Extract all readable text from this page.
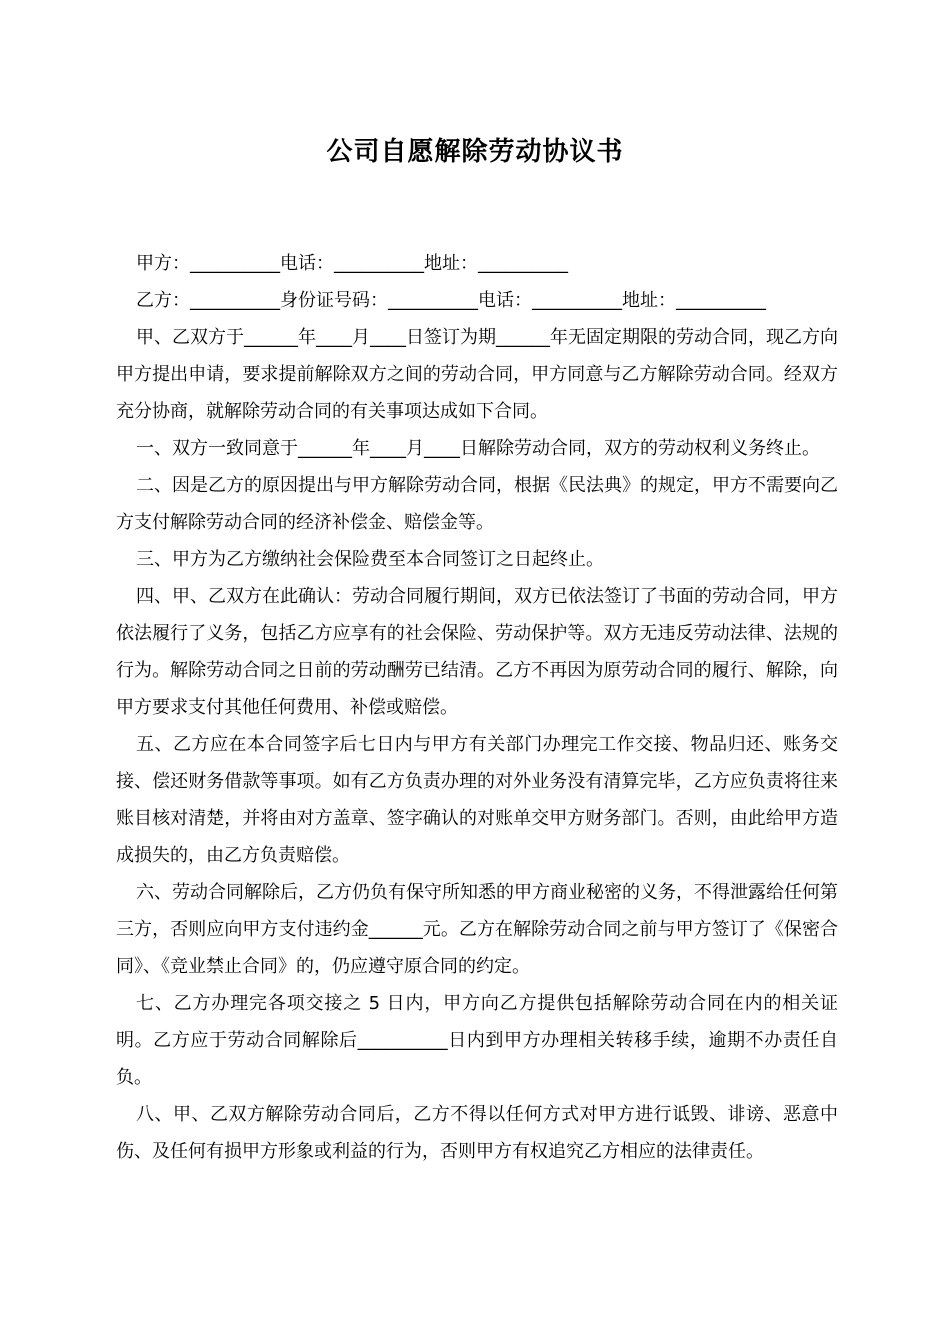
公司自愿解除劳动协议书

甲方：__________电话：__________地址：__________

乙方：__________身份证号码：__________电话：__________地址：__________

甲、乙双方于______年____月____日签订为期______年无固定期限的劳动合同，现乙方向甲方提出申请，要求提前解除双方之间的劳动合同，甲方同意与乙方解除劳动合同。经双方充分协商，就解除劳动合同的有关事项达成如下合同。

一、双方一致同意于______年____月____日解除劳动合同，双方的劳动权利义务终止。

二、因是乙方的原因提出与甲方解除劳动合同，根据《民法典》的规定，甲方不需要向乙方支付解除劳动合同的经济补偿金、赔偿金等。

三、甲方为乙方缴纳社会保险费至本合同签订之日起终止。

四、甲、乙双方在此确认：劳动合同履行期间，双方已依法签订了书面的劳动合同，甲方依法履行了义务，包括乙方应享有的社会保险、劳动保护等。双方无违反劳动法律、法规的行为。解除劳动合同之日前的劳动酬劳已结清。乙方不再因为原劳动合同的履行、解除，向甲方要求支付其他任何费用、补偿或赔偿。

五、乙方应在本合同签字后七日内与甲方有关部门办理完工作交接、物品归还、账务交接、偿还财务借款等事项。如有乙方负责办理的对外业务没有清算完毕，乙方应负责将往来账目核对清楚，并将由对方盖章、签字确认的对账单交甲方财务部门。否则，由此给甲方造成损失的，由乙方负责赔偿。

六、劳动合同解除后，乙方仍负有保守所知悉的甲方商业秘密的义务，不得泄露给任何第三方，否则应向甲方支付违约金______元。乙方在解除劳动合同之前与甲方签订了《保密合同》、《竞业禁止合同》的，仍应遵守原合同的约定。

七、乙方办理完各项交接之 5 日内，甲方向乙方提供包括解除劳动合同在内的相关证明。乙方应于劳动合同解除后__________日内到甲方办理相关转移手续，逾期不办责任自负。

八、甲、乙双方解除劳动合同后，乙方不得以任何方式对甲方进行诋毁、诽谤、恶意中伤、及任何有损甲方形象或利益的行为，否则甲方有权追究乙方相应的法律责任。
